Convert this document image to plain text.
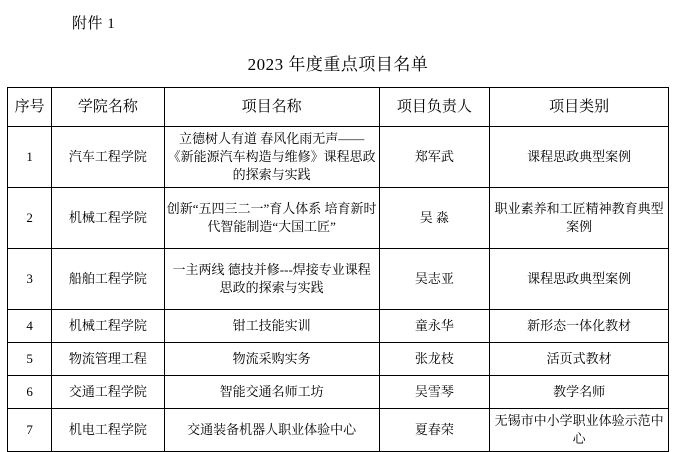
附件 1
2023 年度重点项目名单
序号	学院名称	项目名称	项目负责人	项目类别
1	汽车工程学院	立德树人有道 春风化雨无声——《新能源汽车构造与维修》课程思政的探索与实践	郑军武	课程思政典型案例
2	机械工程学院	创新“五四三二一”育人体系 培育新时代智能制造“大国工匠”	吴 淼	职业素养和工匠精神教育典型案例
3	船舶工程学院	一主两线 德技并修---焊接专业课程思政的探索与实践	吴志亚	课程思政典型案例
4	机械工程学院	钳工技能实训	童永华	新形态一体化教材
5	物流管理工程	物流采购实务	张龙枝	活页式教材
6	交通工程学院	智能交通名师工坊	吴雪琴	教学名师
7	机电工程学院	交通装备机器人职业体验中心	夏春荣	无锡市中小学职业体验示范中心
